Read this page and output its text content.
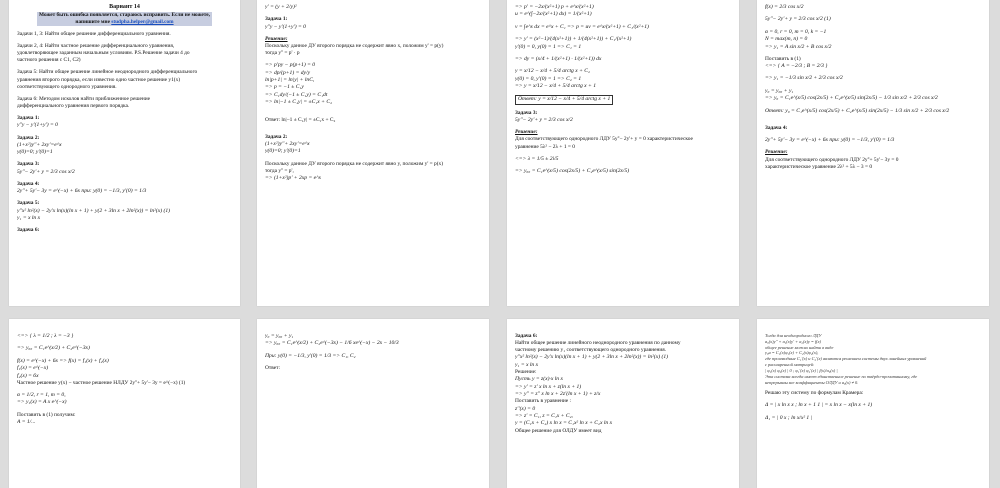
Вариант 14

Может быть ошибка появляется, стараюсь исправить. Если не можете,

напишите мне studpha.helper@gmail.com

Задачи 1, 3: Найти общее решение дифференциального уравнения.

Задачи 2, 4: Найти частное решение дифференциального уравнения,

удовлетворяющее заданным начальным условиям. Р.S.Решение задачи 4 до

частного решения с C1, C2)

Задача 5: Найти общее решение линейное неоднородного дифференциального

уравнения второго порядка, если известно одно частное решение y1(x)

соответствующего однородного уравнения.

Задача 6: Методом исколов найти приближенное решение

дифференциального уравнения первого порядка.

Задача 1:

y''y − y'(1+y') = 0

Задача 2:

(1+x²)y''+ 2xy'=e^x

y(0)=0; y'(0)=1

Задача 3:

5y''− 2y'+ y = 2/3 cos x/2

Задача 4:

2y''+ 5y'− 3y = e^(−x) + 6x при: y(0) = −1/3, y'(0) = 1/3

Задача 5:

y''x² ln²(x) − 2y'x ln(x)(ln x + 1) + y(2 + 3ln x + 2ln²(x)) = ln²(x) (1)

y₁ = x ln x

Задача 6:

y' = (y + 2/y)²

Задача 1:

y''y − y'(1+y') = 0

Решение:

Поскольку данное ДУ второго порядка не содержит явно x, положим y' = p(y)

тогда y'' = p' · p

=> p'py − p(p+1) = 0

=> dp/(p+1) = dy/y

ln|p+1| = ln|y| + lnC,

=> p = −1 ± C₁y

=> C₁dy/(−1 ± C₁y) = C₁dt

=> ln|−1 ± C₁y| = ±C₁x + C₂

Ответ: ln|−1 ± C₁y| = ±C₁x + C₂

Задача 2:

(1+x²)y''+ 2xy'=e^x

y(0)=0; y'(0)=1

Поскольку данное ДУ второго порядка не содержит явно y, положим y' = p(x)

тогда y'' = p',

=> (1+x²)p' + 2xp = e^x

=> p' = −2x/(x²+1) p + e^x/(x²+1)

u = e^(∫−2x/(x²+1) dx) = 1/(x²+1)

v = ∫e^x dx = e^x + C₁ => p = uv = e^x/(x²+1) + C₁/(x²+1)

=> y' = (x²−1)/(4(x²+1)) + 1/(4(x²+1)) + C₁/(x²+1)

y'(0) = 0, y(0) = 1 => C₁ = 1

=> dy = (x/4 + 1/(x²+1) · 1/(x²+1)) dx

y = x/12 − x/4 + 5/4 arctg x + C₂

y(0) = 0, y'(0) = 1 => C₂ = 1

=> y = x/12 − x/4 + 5/4 arctg x + 1

Ответ: y = x/12 − x/4 + 5/4 arctg x + 1

Задача 3:

5y''− 2y'+ y = 2/3 cos x/2

Решение:

Для соответствующего однородного ЛДУ 5y''− 2y'+ y = 0 характеристическое

уравнение 5λ² − 2λ + 1 = 0

<=> λ = 1/5 ± 2i/5

=> y₀₀ = C₁e^(x/5) cos(2x/5) + C₂e^(x/5) sin(2x/5)

f(x) = 2/3 cos x/2

5y''− 2y'+ y = 2/3 cos x/2 (1)

α = 0, r = 0, m = 0, k = −1

N = max(m, n) = 0

=> y₁ = A sin x/2 + B cos x/2

Поставить в (1)

<=> { A = −2/3 ; B = 2/3 }

=> y₁ = −1/3 sin x/2 + 2/3 cos x/2

y₀ = y₀₀ + y₁

=> y₀ = C₁e^(x/5) cos(2x/5) + C₂e^(x/5) sin(2x/5) − 1/3 sin x/2 + 2/3 cos x/2

Ответ: y₀ = C₁e^(x/5) cos(2x/5) + C₂e^(x/5) sin(2x/5) − 1/3 sin x/2 + 2/3 cos x/2

Задача 4:

2y''+ 5y'− 3y = e^(−x) + 6x при: y(0) = −1/3, y'(0) = 1/3

Решение:

Для соответствующего однородного ЛДУ 2y''+ 5y'− 3y = 0

характеристическое уравнение 2λ² + 5λ − 3 = 0

<=> { λ = 1/2 ; λ = −3 }

=> y₀₀ = C₁e^(x/2) + C₂e^(−3x)

f(x) = e^(−x) + 6x => f(x) = f₁(x) + f₂(x)

f₁(x) = e^(−x)

f₂(x) = 6x

Частное решение y(x) − частное решение НЛДУ 2y''+ 5y'− 3y = e^(−x) (1)

α = 1/2, r = 1, m = 0,

=> y₁(x) = A x e^(−x)

Поставить в (1) получим:

A = 1/...

y₀ = y₀₀ + y₁

=> y₀₀ = C₁e^(x/2) + C₂e^(−3x) − 1/6 xe^(−x) − 2x − 10/3

При: y(0) = −1/3, y'(0) = 1/3 => C₁, C₂

Ответ:

Задача 6:

Найти общее решение линейного неоднородного уравнения по данному

частному решению y₁ соответствующего однородного уравнения.

y''x² ln²(x) − 2y'x ln(x)(ln x + 1) + y(2 + 3ln x + 2ln²(x)) = ln²(x) (1)

y₁ = x ln x

Решение:

Пусть y = z(x)·x ln x

=> y' = z' x ln x + z(ln x + 1)

=> y'' = z'' x ln x + 2z'(ln x + 1) + z/x

Поставить в уравнение :

z''(x) = 0

=> z' = C₁, z = C₁x + C₂,

y = (C₁x + C₂) x ln x = C₁x² ln x + C₂x ln x

Общее решение для ОЛДУ имеет вид

Тогда для неоднородного ЛДУ

a₀(x)y'' + a₁(x)y' + a₂(x)y = f(x)

общее решение можно найти в виде

y₀н = C₁(x)φ₁(x) + C₂(x)φ₂(x),

где производные C₁'(x) и C₂'(x) являются решением системы двух линейных уравнений

с расширенной матрицей:

| φ₁(x) φ₂(x) | 0 ; φ₁'(x) φ₂'(x) | f(x)/a₀(x) |

Эта система всегда имеет единственное решение по твёрдо-прочитанному, где

непрерывны все коэффициенты ОЛДУ и a₀(x) ≠ 0.

Решаю эту систему по формулам Крамера:

Δ = | x ln x x ; ln x + 1 1 | = x ln x − x(ln x + 1)

Δ₁ = | 0 x ; ln x/x² 1 |
